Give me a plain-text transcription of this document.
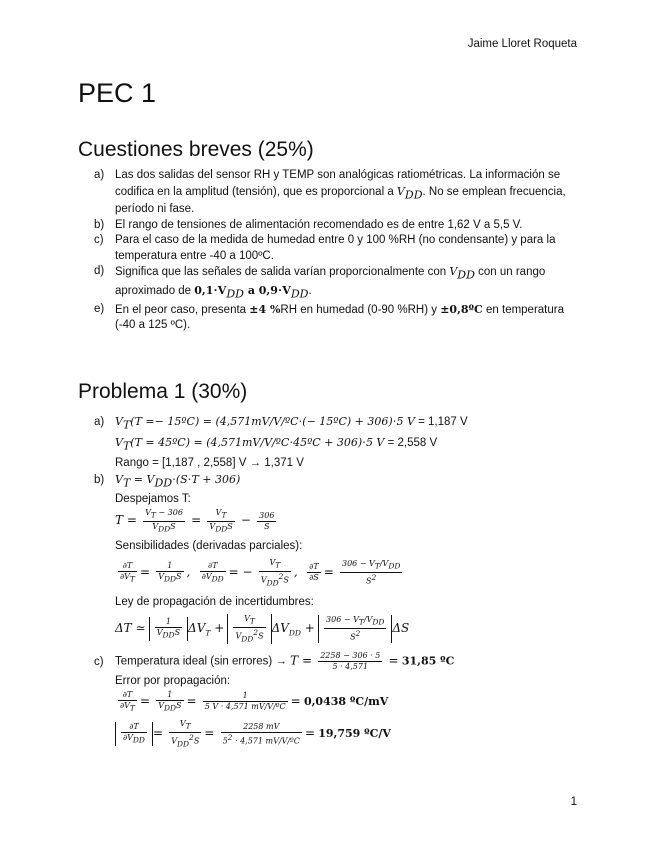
Jaime Lloret Roqueta
PEC 1
Cuestiones breves (25%)
a) Las dos salidas del sensor RH y TEMP son analógicas ratiométricas. La información se codifica en la amplitud (tensión), que es proporcional a $V_{DD}$. No se emplean frecuencia, período ni fase.
b) El rango de tensiones de alimentación recomendado es de entre 1,62 V a 5,5 V.
c) Para el caso de la medida de humedad entre 0 y 100 %RH (no condensante) y para la temperatura entre -40 a 100ºC.
d) Significa que las señales de salida varían proporcionalmente con $V_{DD}$ con un rango aproximado de $0,1\cdot V_{DD}$ a $0,9\cdot V_{DD}$.
e) En el peor caso, presenta ±4 %RH en humedad (0-90 %RH) y ±0,8ºC en temperatura (-40 a 125 ºC).
Problema 1 (30%)
a) $V_T(T$ =− 15ºC) = (4,571mV/V/ºC⋅(− 15ºC) + 306)⋅5 V = 1,187 V
$V_T(T$ = 45ºC) = (4,571mV/V/ºC⋅45ºC + 306)⋅5 V = 2,558 V
Rango = [1,187 , 2,558] V → 1,371 V
b) $V_T = V_{DD}\cdot(S\cdot T + 306)$
Despejamos T:
$T = \frac{V_T - 306}{V_{DD}S} = \frac{V_T}{V_{DD}S} - \frac{306}{S}$
Sensibilidades (derivadas parciales):
$\frac{\partial T}{\partial V_T} = \frac{1}{V_{DD}S}$ , $\frac{\partial T}{\partial V_{DD}}$ = − $\frac{V_T}{V_{DD}^2S}$ , $\frac{\partial T}{\partial S} = \frac{306 - V_T/V_{DD}}{S^2}$
Ley de propagación de incertidumbres:
ΔT ≃ $\frac{1}{V_{DD}S} \Delta V_T + \frac{V_T}{V_{DD}^2S} \Delta V_{DD} + \frac{306 - V_T/V_{DD}}{S^2}$ ΔS
c) Temperatura ideal (sin errores) → $T = \frac{2258 - 306 \cdot 5}{5 \cdot 4,571} = 31,85$ ºC
Error por propagación:
$\frac{\partial T}{\partial V_T} = \frac{1}{V_{DD}S} = \frac{1}{\text{5 V · 4,571 mV/V/ºC}} = 0,0438$ ºC/mV
$\frac{\partial T}{\partial V_{DD}} = \frac{V_T}{V_{DD}^2S} = \frac{2258 mV}{5^2 \cdot 4,571 mV/V/ºC} = 19,759$ ºC/V
1
